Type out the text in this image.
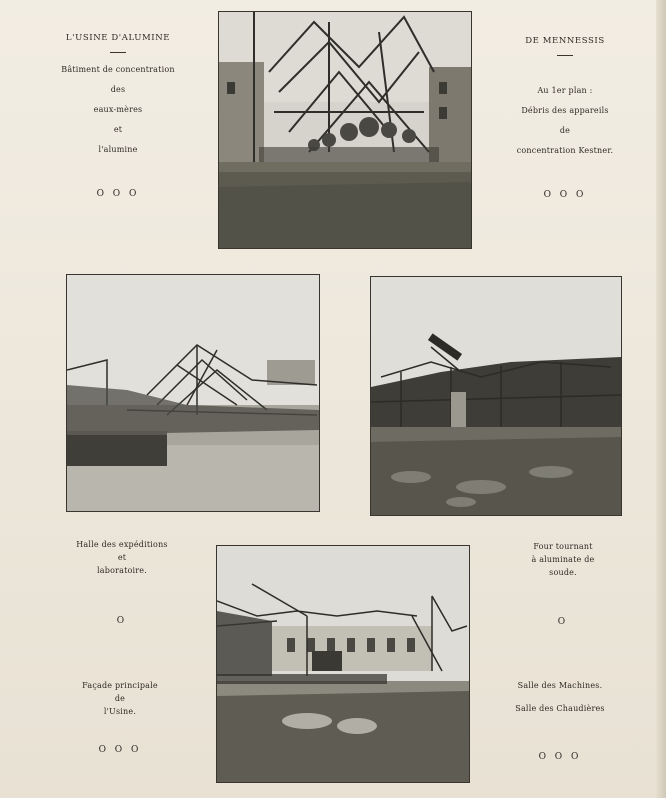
L'USINE D'ALUMINE
Bâtiment de concentration
des
eaux-mères
et
l'alumine
O O O
DE MENNESSIS
Au 1er plan :
Débris des appareils
de
concentration Kestner.
O O O
Halle des expéditions
et
laboratoire.
O
Four tournant
à aluminate de
soude.
O
Façade principale
de
l'Usine.
O O O
Salle des Machines.
Salle des Chaudières
O O O
